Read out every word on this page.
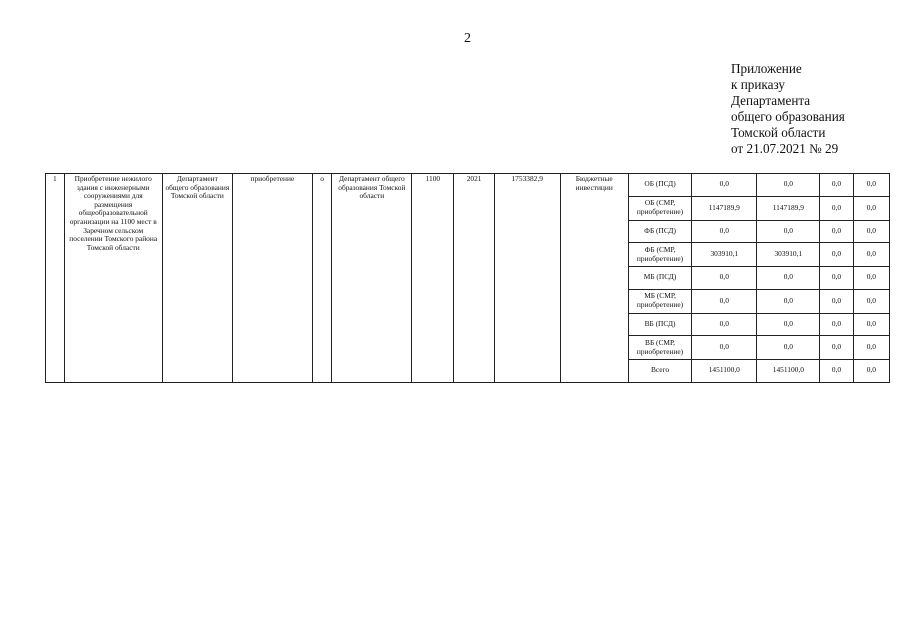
2
Приложение
к приказу
Департамента
общего образования
Томской области
от 21.07.2021 № 29
1	Приобретение нежилого здания с инженерными сооружениями для размещения общеобразовательной организации на 1100 мест в Заречном сельском поселении Томского района Томской области	Департамент общего образования Томской области	приобретение	о	Департамент общего образования Томской области	1100	2021	1753382,9	Бюджетные инвестиции	ОБ (ПСД)	0,0	0,0	0,0	0,0
										ОБ (СМР, приобретение)	1147189,9	1147189,9	0,0	0,0
										ФБ (ПСД)	0,0	0,0	0,0	0,0
										ФБ (СМР, приобретение)	303910,1	303910,1	0,0	0,0
										МБ (ПСД)	0,0	0,0	0,0	0,0
										МБ (СМР, приобретение)	0,0	0,0	0,0	0,0
										ВБ (ПСД)	0,0	0,0	0,0	0,0
										ВБ (СМР, приобретение)	0,0	0,0	0,0	0,0
										Всего	1451100,0	1451100,0	0,0	0,0
